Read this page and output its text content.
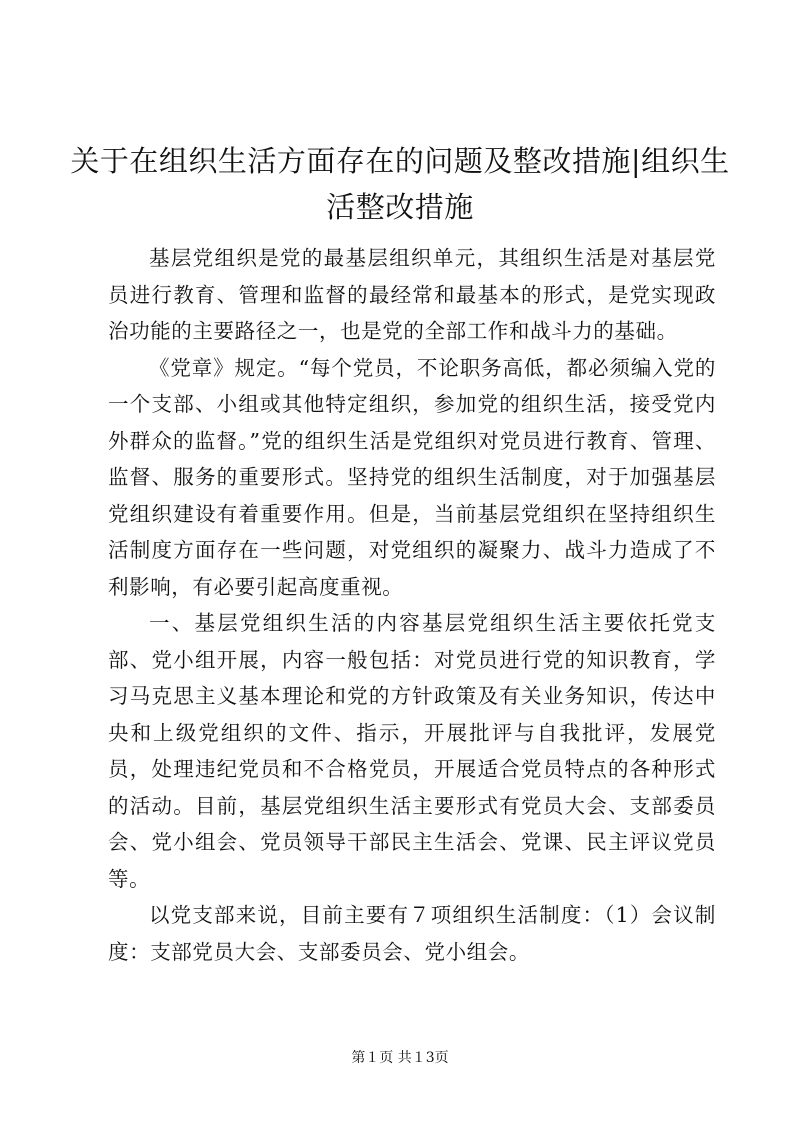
关于在组织生活方面存在的问题及整改措施|组织生活整改措施

基层党组织是党的最基层组织单元，其组织生活是对基层党员进行教育、管理和监督的最经常和最基本的形式，是党实现政治功能的主要路径之一，也是党的全部工作和战斗力的基础。

《党章》规定。“每个党员，不论职务高低，都必须编入党的一个支部、小组或其他特定组织，参加党的组织生活，接受党内外群众的监督。”党的组织生活是党组织对党员进行教育、管理、监督、服务的重要形式。坚持党的组织生活制度，对于加强基层党组织建设有着重要作用。但是，当前基层党组织在坚持组织生活制度方面存在一些问题，对党组织的凝聚力、战斗力造成了不利影响，有必要引起高度重视。

一、基层党组织生活的内容基层党组织生活主要依托党支部、党小组开展，内容一般包括：对党员进行党的知识教育，学习马克思主义基本理论和党的方针政策及有关业务知识，传达中央和上级党组织的文件、指示，开展批评与自我批评，发展党员，处理违纪党员和不合格党员，开展适合党员特点的各种形式的活动。目前，基层党组织生活主要形式有党员大会、支部委员会、党小组会、党员领导干部民主生活会、党课、民主评议党员等。

以党支部来说，目前主要有７项组织生活制度：（1）会议制度：支部党员大会、支部委员会、党小组会。

第１页 共１3页
